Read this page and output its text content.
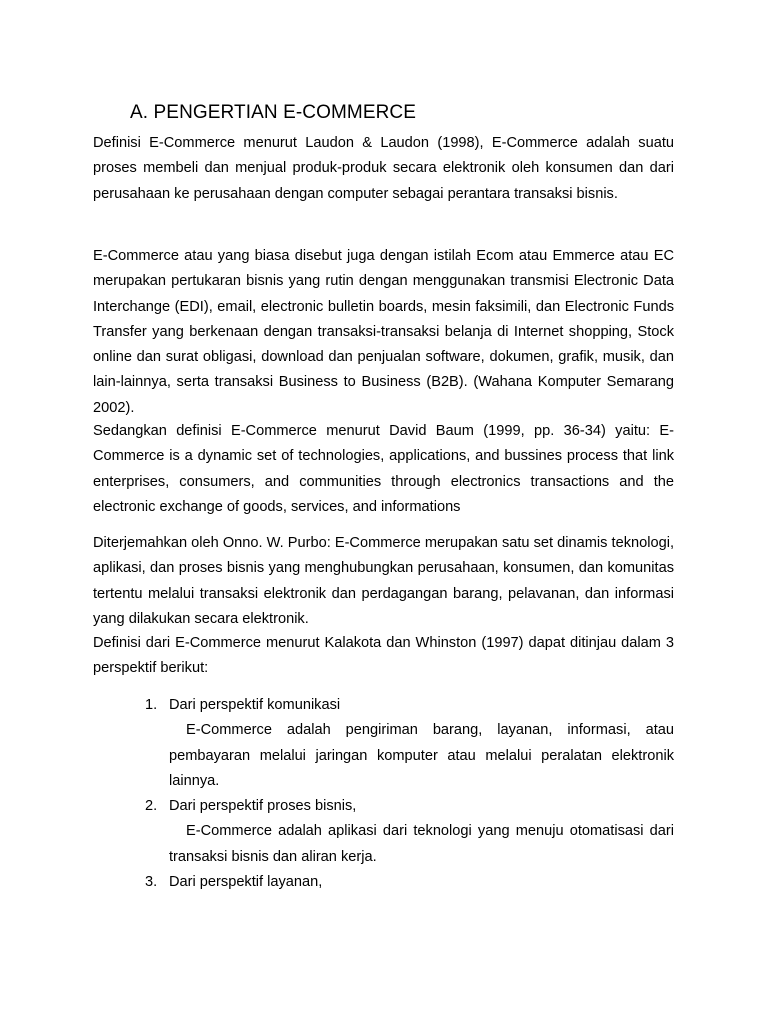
A. PENGERTIAN E-COMMERCE
Definisi E-Commerce menurut Laudon & Laudon (1998), E-Commerce adalah suatu proses membeli dan menjual produk-produk secara elektronik oleh konsumen dan dari perusahaan ke perusahaan dengan computer sebagai perantara transaksi bisnis.
E-Commerce atau yang biasa disebut juga dengan istilah Ecom atau Emmerce atau EC merupakan pertukaran bisnis yang rutin dengan menggunakan transmisi Electronic Data Interchange (EDI), email, electronic bulletin boards, mesin faksimili, dan Electronic Funds Transfer yang berkenaan dengan transaksi-transaksi belanja di Internet shopping, Stock online dan surat obligasi, download dan penjualan software, dokumen, grafik, musik, dan lain-lainnya, serta transaksi Business to Business (B2B). (Wahana Komputer Semarang 2002).
Sedangkan definisi E-Commerce menurut David Baum (1999, pp. 36-34) yaitu: E-Commerce is a dynamic set of technologies, applications, and bussines process that link enterprises, consumers, and communities through electronics transactions and the electronic exchange of goods, services, and informations
Diterjemahkan oleh Onno. W. Purbo: E-Commerce merupakan satu set dinamis teknologi, aplikasi, dan proses bisnis yang menghubungkan perusahaan, konsumen, dan komunitas tertentu melalui transaksi elektronik dan perdagangan barang, pelavanan, dan informasi yang dilakukan secara elektronik.
Definisi dari E-Commerce menurut Kalakota dan Whinston (1997) dapat ditinjau dalam 3 perspektif berikut:
1. Dari perspektif komunikasi
E-Commerce adalah pengiriman barang, layanan, informasi, atau pembayaran melalui jaringan komputer atau melalui peralatan elektronik lainnya.
2. Dari perspektif proses bisnis,
E-Commerce adalah aplikasi dari teknologi yang menuju otomatisasi dari transaksi bisnis dan aliran kerja.
3. Dari perspektif layanan,
